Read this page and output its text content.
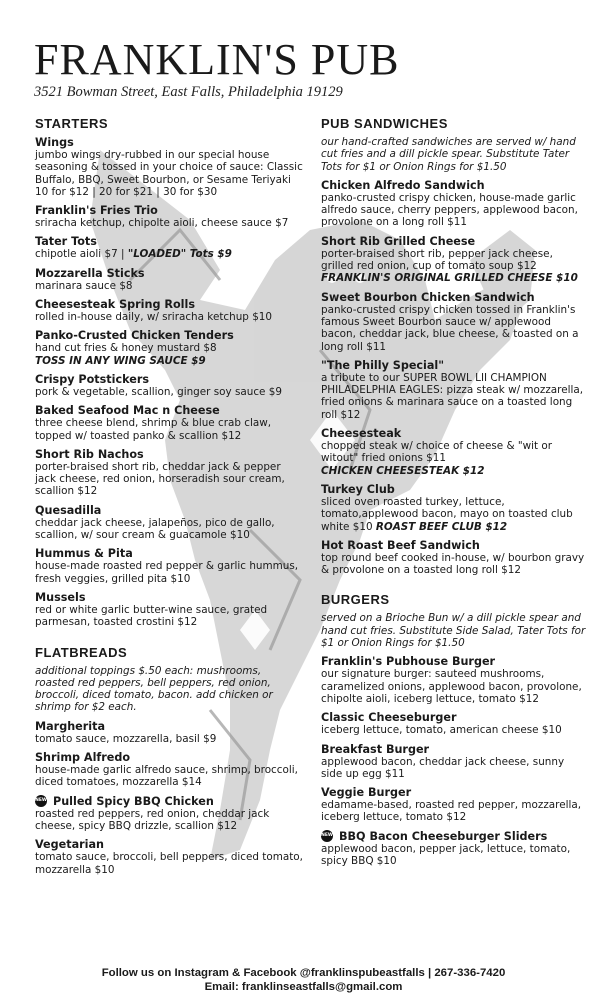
FRANKLIN'S PUB
3521 Bowman Street, East Falls, Philadelphia 19129
STARTERS
Wings
jumbo wings dry-rubbed in our special house seasoning & tossed in your choice of sauce: Classic Buffalo, BBQ, Sweet Bourbon, or Sesame Teriyaki 10 for $12 | 20 for $21 | 30 for $30
Franklin's Fries Trio
sriracha ketchup, chipolte aioli, cheese sauce $7
Tater Tots
chipotle aioli $7 | "LOADED" Tots $9
Mozzarella Sticks
marinara sauce $8
Cheesesteak Spring Rolls
rolled in-house daily, w/ sriracha ketchup $10
Panko-Crusted Chicken Tenders
hand cut fries & honey mustard $8
TOSS IN ANY WING SAUCE $9
Crispy Potstickers
pork & vegetable, scallion, ginger soy sauce $9
Baked Seafood Mac n Cheese
three cheese blend, shrimp & blue crab claw, topped w/ toasted panko & scallion $12
Short Rib Nachos
porter-braised short rib, cheddar jack & pepper jack cheese, red onion, horseradish sour cream, scallion $12
Quesadilla
cheddar jack cheese, jalapeños, pico de gallo, scallion, w/ sour cream & guacamole $10
Hummus & Pita
house-made roasted red pepper & garlic hummus, fresh veggies, grilled pita $10
Mussels
red or white garlic butter-wine sauce, grated parmesan, toasted crostini $12
FLATBREADS
additional toppings $.50 each: mushrooms, roasted red peppers, bell peppers, red onion, broccoli, diced tomato, bacon. add chicken or shrimp for $2 each.
Margherita
tomato sauce, mozzarella, basil $9
Shrimp Alfredo
house-made garlic alfredo sauce, shrimp, broccoli, diced tomatoes, mozzarella $14
NEW Pulled Spicy BBQ Chicken
roasted red peppers, red onion, cheddar jack cheese, spicy BBQ drizzle, scallion $12
Vegetarian
tomato sauce, broccoli, bell peppers, diced tomato, mozzarella $10
PUB SANDWICHES
our hand-crafted sandwiches are served w/ hand cut fries and a dill pickle spear. Substitute Tater Tots for $1 or Onion Rings for $1.50
Chicken Alfredo Sandwich
panko-crusted crispy chicken, house-made garlic alfredo sauce, cherry peppers, applewood bacon, provolone on a long roll $11
Short Rib Grilled Cheese
porter-braised short rib, pepper jack cheese, grilled red onion, cup of tomato soup $12
FRANKLIN'S ORIGINAL GRILLED CHEESE $10
Sweet Bourbon Chicken Sandwich
panko-crusted crispy chicken tossed in Franklin's famous Sweet Bourbon sauce w/ applewood bacon, cheddar jack, blue cheese, & toasted on a long roll $11
"The Philly Special"
a tribute to our SUPER BOWL LII CHAMPION PHILADELPHIA EAGLES: pizza steak w/ mozzarella, fried onions & marinara sauce on a toasted long roll $12
Cheesesteak
chopped steak w/ choice of cheese & "wit or witout" fried onions $11
CHICKEN CHEESESTEAK $12
Turkey Club
sliced oven roasted turkey, lettuce, tomato,applewood bacon, mayo on toasted club white $10 ROAST BEEF CLUB $12
Hot Roast Beef Sandwich
top round beef cooked in-house, w/ bourbon gravy & provolone on a toasted long roll $12
BURGERS
served on a Brioche Bun w/ a dill pickle spear and hand cut fries. Substitute Side Salad, Tater Tots for $1 or Onion Rings for $1.50
Franklin's Pubhouse Burger
our signature burger: sauteed mushrooms, caramelized onions, applewood bacon, provolone, chipolte aioli, iceberg lettuce, tomato $12
Classic Cheeseburger
iceberg lettuce, tomato, american cheese $10
Breakfast Burger
applewood bacon, cheddar jack cheese, sunny side up egg $11
Veggie Burger
edamame-based, roasted red pepper, mozzarella, iceberg lettuce, tomato $12
NEW BBQ Bacon Cheeseburger Sliders
applewood bacon, pepper jack, lettuce, tomato, spicy BBQ $10
Follow us on Instagram & Facebook @franklinspubeastfalls | 267-336-7420
Email: franklinseastfalls@gmail.com
